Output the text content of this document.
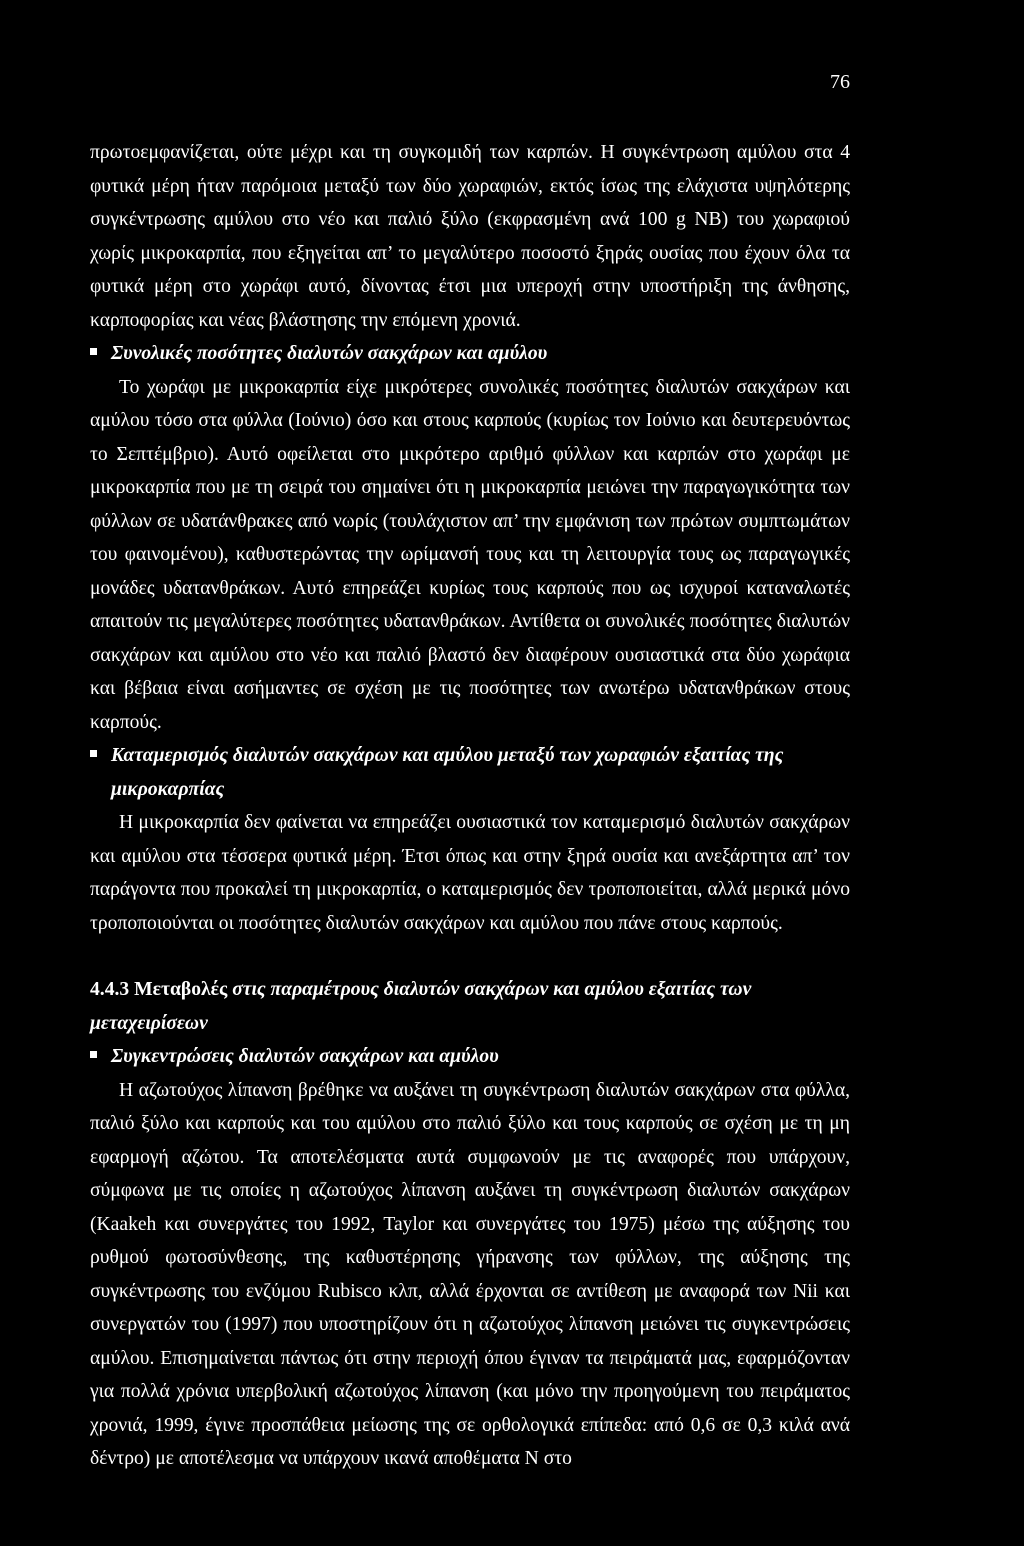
76

πρωτοεμφανίζεται, ούτε μέχρι και τη συγκομιδή των καρπών. Η συγκέντρωση αμύλου στα 4 φυτικά μέρη ήταν παρόμοια μεταξύ των δύο χωραφιών, εκτός ίσως της ελάχιστα υψηλότερης συγκέντρωσης αμύλου στο νέο και παλιό ξύλο (εκφρασμένη ανά 100 g ΝΒ) του χωραφιού χωρίς μικροκαρπία, που εξηγείται απ’ το μεγαλύτερο ποσοστό ξηράς ουσίας που έχουν όλα τα φυτικά μέρη στο χωράφι αυτό, δίνοντας έτσι μια υπεροχή στην υποστήριξη της άνθησης, καρποφορίας και νέας βλάστησης την επόμενη χρονιά.

Συνολικές ποσότητες διαλυτών σακχάρων και αμύλου

Το χωράφι με μικροκαρπία είχε μικρότερες συνολικές ποσότητες διαλυτών σακχάρων και αμύλου τόσο στα φύλλα (Ιούνιο) όσο και στους καρπούς (κυρίως τον Ιούνιο και δευτερευόντως το Σεπτέμβριο). Αυτό οφείλεται στο μικρότερο αριθμό φύλλων και καρπών στο χωράφι με μικροκαρπία που με τη σειρά του σημαίνει ότι η μικροκαρπία μειώνει την παραγωγικότητα των φύλλων σε υδατάνθρακες από νωρίς (τουλάχιστον απ’ την εμφάνιση των πρώτων συμπτωμάτων του φαινομένου), καθυστερώντας την ωρίμανσή τους και τη λειτουργία τους ως παραγωγικές μονάδες υδατανθράκων. Αυτό επηρεάζει κυρίως τους καρπούς που ως ισχυροί καταναλωτές απαιτούν τις μεγαλύτερες ποσότητες υδατανθράκων. Αντίθετα οι συνολικές ποσότητες διαλυτών σακχάρων και αμύλου στο νέο και παλιό βλαστό δεν διαφέρουν ουσιαστικά στα δύο χωράφια και βέβαια είναι ασήμαντες σε σχέση με τις ποσότητες των ανωτέρω υδατανθράκων στους καρπούς.

Καταμερισμός διαλυτών σακχάρων και αμύλου μεταξύ των χωραφιών εξαιτίας της μικροκαρπίας

Η μικροκαρπία δεν φαίνεται να επηρεάζει ουσιαστικά τον καταμερισμό διαλυτών σακχάρων και αμύλου στα τέσσερα φυτικά μέρη. Έτσι όπως και στην ξηρά ουσία και ανεξάρτητα απ’ τον παράγοντα που προκαλεί τη μικροκαρπία, ο καταμερισμός δεν τροποποιείται, αλλά μερικά μόνο τροποποιούνται οι ποσότητες διαλυτών σακχάρων και αμύλου που πάνε στους καρπούς.

4.4.3 Μεταβολές στις παραμέτρους διαλυτών σακχάρων και αμύλου εξαιτίας των μεταχειρίσεων

Συγκεντρώσεις διαλυτών σακχάρων και αμύλου

Η αζωτούχος λίπανση βρέθηκε να αυξάνει τη συγκέντρωση διαλυτών σακχάρων στα φύλλα, παλιό ξύλο και καρπούς και του αμύλου στο παλιό ξύλο και τους καρπούς σε σχέση με τη μη εφαρμογή αζώτου. Τα αποτελέσματα αυτά συμφωνούν με τις αναφορές που υπάρχουν, σύμφωνα με τις οποίες η αζωτούχος λίπανση αυξάνει τη συγκέντρωση διαλυτών σακχάρων (Kaakeh και συνεργάτες του 1992, Taylor και συνεργάτες του 1975) μέσω της αύξησης του ρυθμού φωτοσύνθεσης, της καθυστέρησης γήρανσης των φύλλων, της αύξησης της συγκέντρωσης του ενζύμου Rubisco κλπ, αλλά έρχονται σε αντίθεση με αναφορά των Nii και συνεργατών του (1997) που υποστηρίζουν ότι η αζωτούχος λίπανση μειώνει τις συγκεντρώσεις αμύλου. Επισημαίνεται πάντως ότι στην περιοχή όπου έγιναν τα πειράματά μας, εφαρμόζονταν για πολλά χρόνια υπερβολική αζωτούχος λίπανση (και μόνο την προηγούμενη του πειράματος χρονιά, 1999, έγινε προσπάθεια μείωσης της σε ορθολογικά επίπεδα: από 0,6 σε 0,3 κιλά ανά δέντρο) με αποτέλεσμα να υπάρχουν ικανά αποθέματα Ν στο
